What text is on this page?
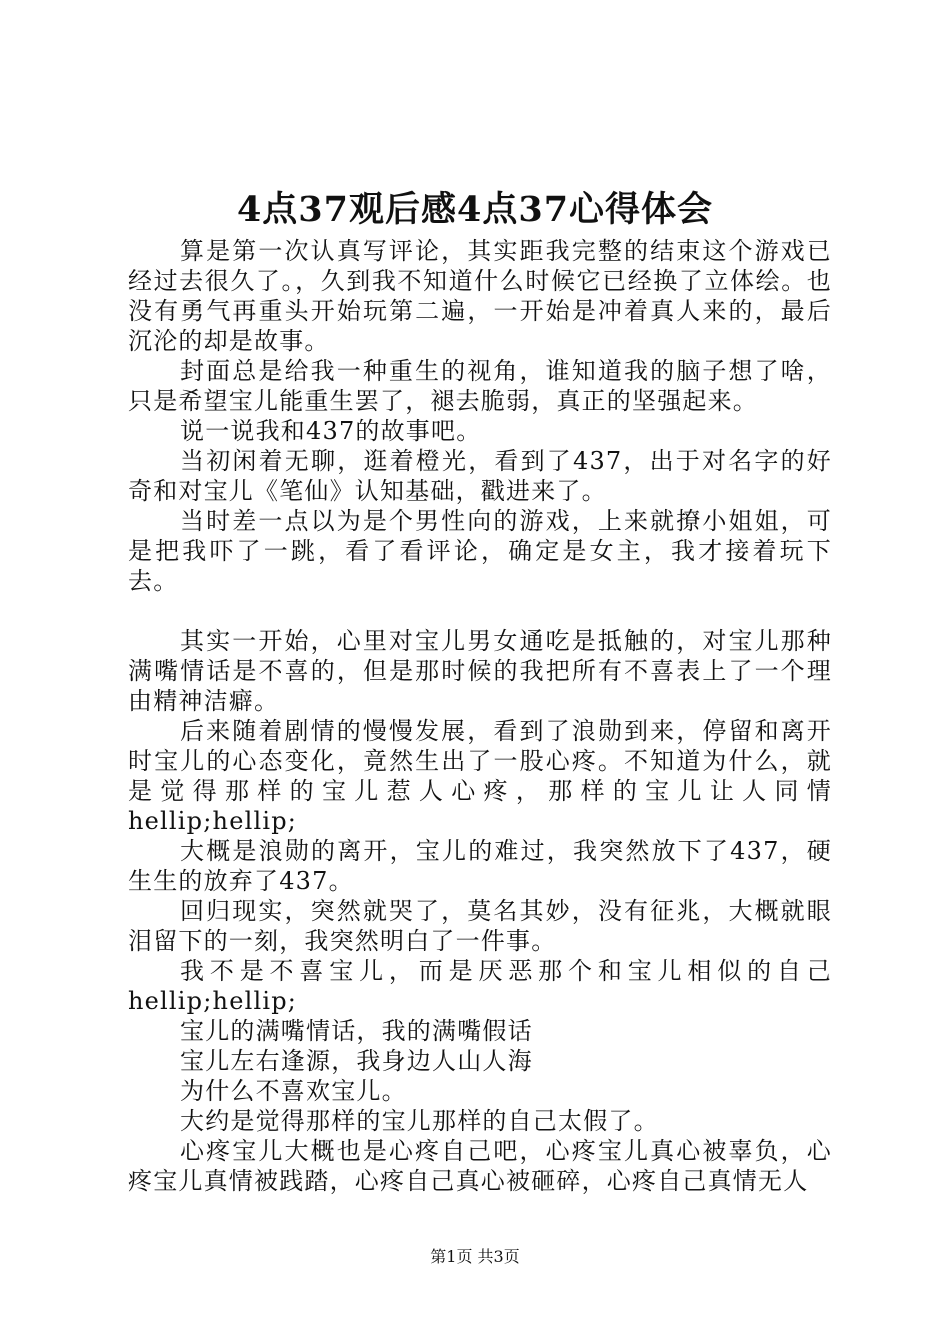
4点37观后感4点37心得体会

算是第一次认真写评论，其实距我完整的结束这个游戏已经过去很久了。，久到我不知道什么时候它已经换了立体绘。也没有勇气再重头开始玩第二遍，一开始是冲着真人来的，最后沉沦的却是故事。

封面总是给我一种重生的视角，谁知道我的脑子想了啥，只是希望宝儿能重生罢了，褪去脆弱，真正的坚强起来。

说一说我和437的故事吧。

当初闲着无聊，逛着橙光，看到了437，出于对名字的好奇和对宝儿《笔仙》认知基础，戳进来了。

当时差一点以为是个男性向的游戏，上来就撩小姐姐，可是把我吓了一跳，看了看评论，确定是女主，我才接着玩下去。

其实一开始，心里对宝儿男女通吃是抵触的，对宝儿那种满嘴情话是不喜的，但是那时候的我把所有不喜表上了一个理由精神洁癖。

后来随着剧情的慢慢发展，看到了浪勋到来，停留和离开时宝儿的心态变化，竟然生出了一股心疼。不知道为什么，就是觉得那样的宝儿惹人心疼，那样的宝儿让人同情hellip;hellip;

大概是浪勋的离开，宝儿的难过，我突然放下了437，硬生生的放弃了437。

回归现实，突然就哭了，莫名其妙，没有征兆，大概就眼泪留下的一刻，我突然明白了一件事。

我不是不喜宝儿，而是厌恶那个和宝儿相似的自己hellip;hellip;

宝儿的满嘴情话，我的满嘴假话

宝儿左右逢源，我身边人山人海

为什么不喜欢宝儿。

大约是觉得那样的宝儿那样的自己太假了。

心疼宝儿大概也是心疼自己吧，心疼宝儿真心被辜负，心疼宝儿真情被践踏，心疼自己真心被砸碎，心疼自己真情无人

第1页 共3页
